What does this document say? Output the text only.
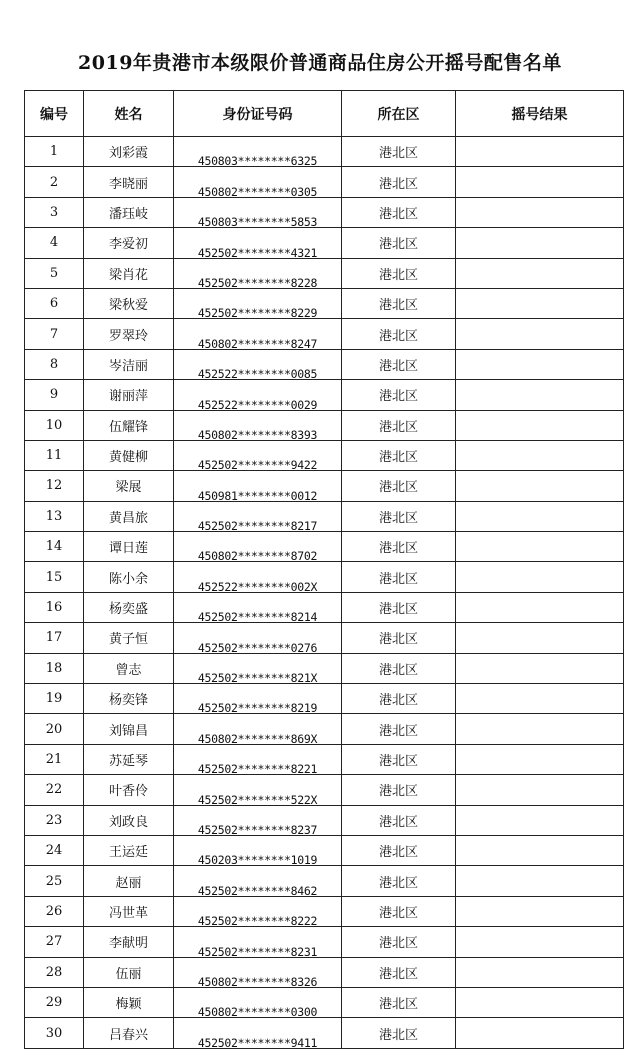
2019年贵港市本级限价普通商品住房公开摇号配售名单
编号	姓名	身份证号码	所在区	摇号结果
1	刘彩霞	450803********6325	港北区	
2	李晓丽	450802********0305	港北区	
3	潘珏岐	450803********5853	港北区	
4	李爱初	452502********4321	港北区	
5	梁肖花	452502********8228	港北区	
6	梁秋爱	452502********8229	港北区	
7	罗翠玲	450802********8247	港北区	
8	岑洁丽	452522********0085	港北区	
9	谢丽萍	452522********0029	港北区	
10	伍耀锋	450802********8393	港北区	
11	黄健柳	452502********9422	港北区	
12	梁展	450981********0012	港北区	
13	黄昌旅	452502********8217	港北区	
14	谭日莲	450802********8702	港北区	
15	陈小余	452522********002X	港北区	
16	杨奕盛	452502********8214	港北区	
17	黄子恒	452502********0276	港北区	
18	曾志	452502********821X	港北区	
19	杨奕锋	452502********8219	港北区	
20	刘锦昌	450802********869X	港北区	
21	苏延琴	452502********8221	港北区	
22	叶香伶	452502********522X	港北区	
23	刘政良	452502********8237	港北区	
24	王运廷	450203********1019	港北区	
25	赵丽	452502********8462	港北区	
26	冯世革	452502********8222	港北区	
27	李献明	452502********8231	港北区	
28	伍丽	450802********8326	港北区	
29	梅颖	450802********0300	港北区	
30	吕春兴	452502********9411	港北区	
